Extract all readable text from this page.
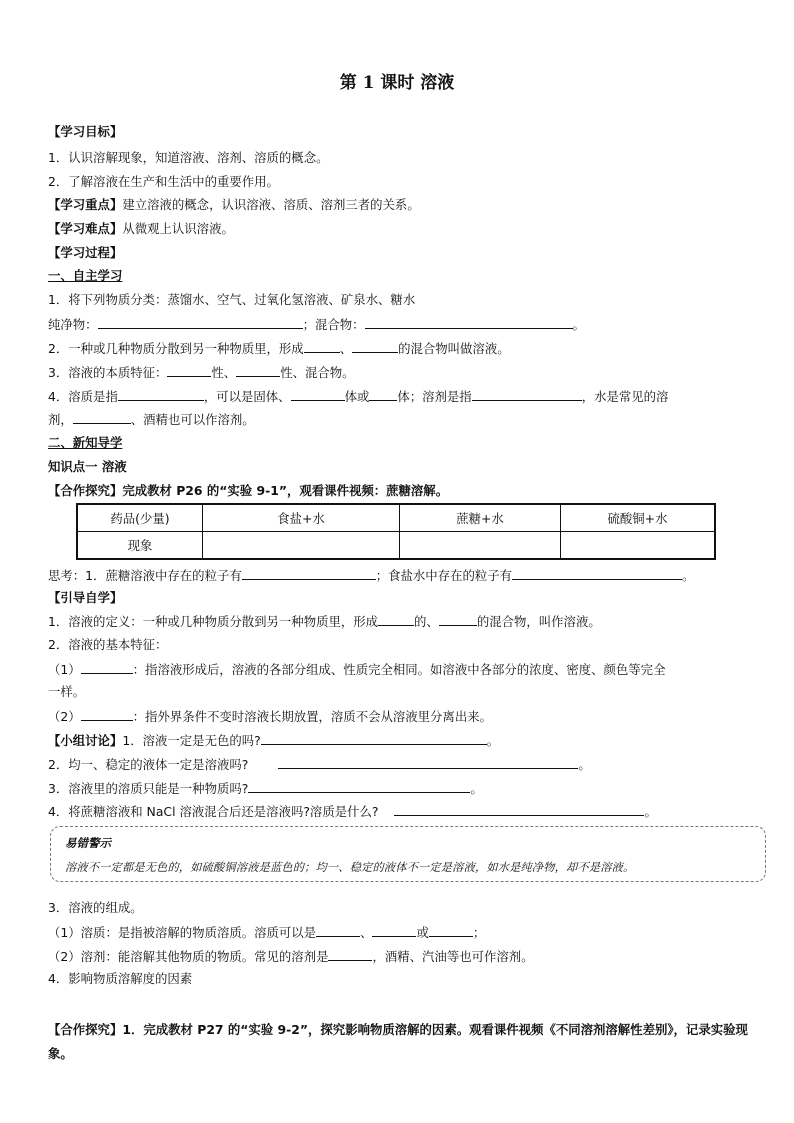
第 1 课时 溶液
【学习目标】
1．认识溶解现象，知道溶液、溶剂、溶质的概念。
2．了解溶液在生产和生活中的重要作用。
【学习重点】建立溶液的概念，认识溶液、溶质、溶剂三者的关系。
【学习难点】从微观上认识溶液。
【学习过程】
一、自主学习
1．将下列物质分类：蒸馏水、空气、过氧化氢溶液、矿泉水、糖水
纯净物：	；混合物：	。
2．一种或几种物质分散到另一种物质里，形成	、	的混合物叫做溶液。
3．溶液的本质特征：	性、	性、混合物。
4．溶质是指	，可以是固体、	体或 体；溶剂是指	，水是常见的溶
剂，	、酒精也可以作溶剂。
二、新知导学
知识点一 溶液
【合作探究】完成教材 P26 的“实验 9-1”，观看课件视频：蔗糖溶解。
药品(少量)	食盐+水	蔗糖+水	硫酸铜+水
现象			
思考：1．蔗糖溶液中存在的粒子有	；食盐水中存在的粒子有	。
【引导自学】
1．溶液的定义：一种或几种物质分散到另一种物质里，形成	的、	的混合物，叫作溶液。
2．溶液的基本特征：
（1）	：指溶液形成后，溶液的各部分组成、性质完全相同。如溶液中各部分的浓度、密度、颜色等完全
一样。
（2）	：指外界条件不变时溶液长期放置，溶质不会从溶液里分离出来。
【小组讨论】1．溶液一定是无色的吗?	。
2．均一、稳定的液体一定是溶液吗?	。
3．溶液里的溶质只能是一种物质吗?	。
4．将蔗糖溶液和 NaCl 溶液混合后还是溶液吗?溶质是什么?	。
易错警示
溶液不一定都是无色的，如硫酸铜溶液是蓝色的；均一、稳定的液体不一定是溶液，如水是纯净物，却不是溶液。
3．溶液的组成。
（1）溶质：是指被溶解的物质溶质。溶质可以是	、	或	；
（2）溶剂：能溶解其他物质的物质。常见的溶剂是	，酒精、汽油等也可作溶剂。
4．影响物质溶解度的因素
【合作探究】1．完成教材 P27 的“实验 9-2”，探究影响物质溶解的因素。观看课件视频《不同溶剂溶解性差别》，记录实验现象。
